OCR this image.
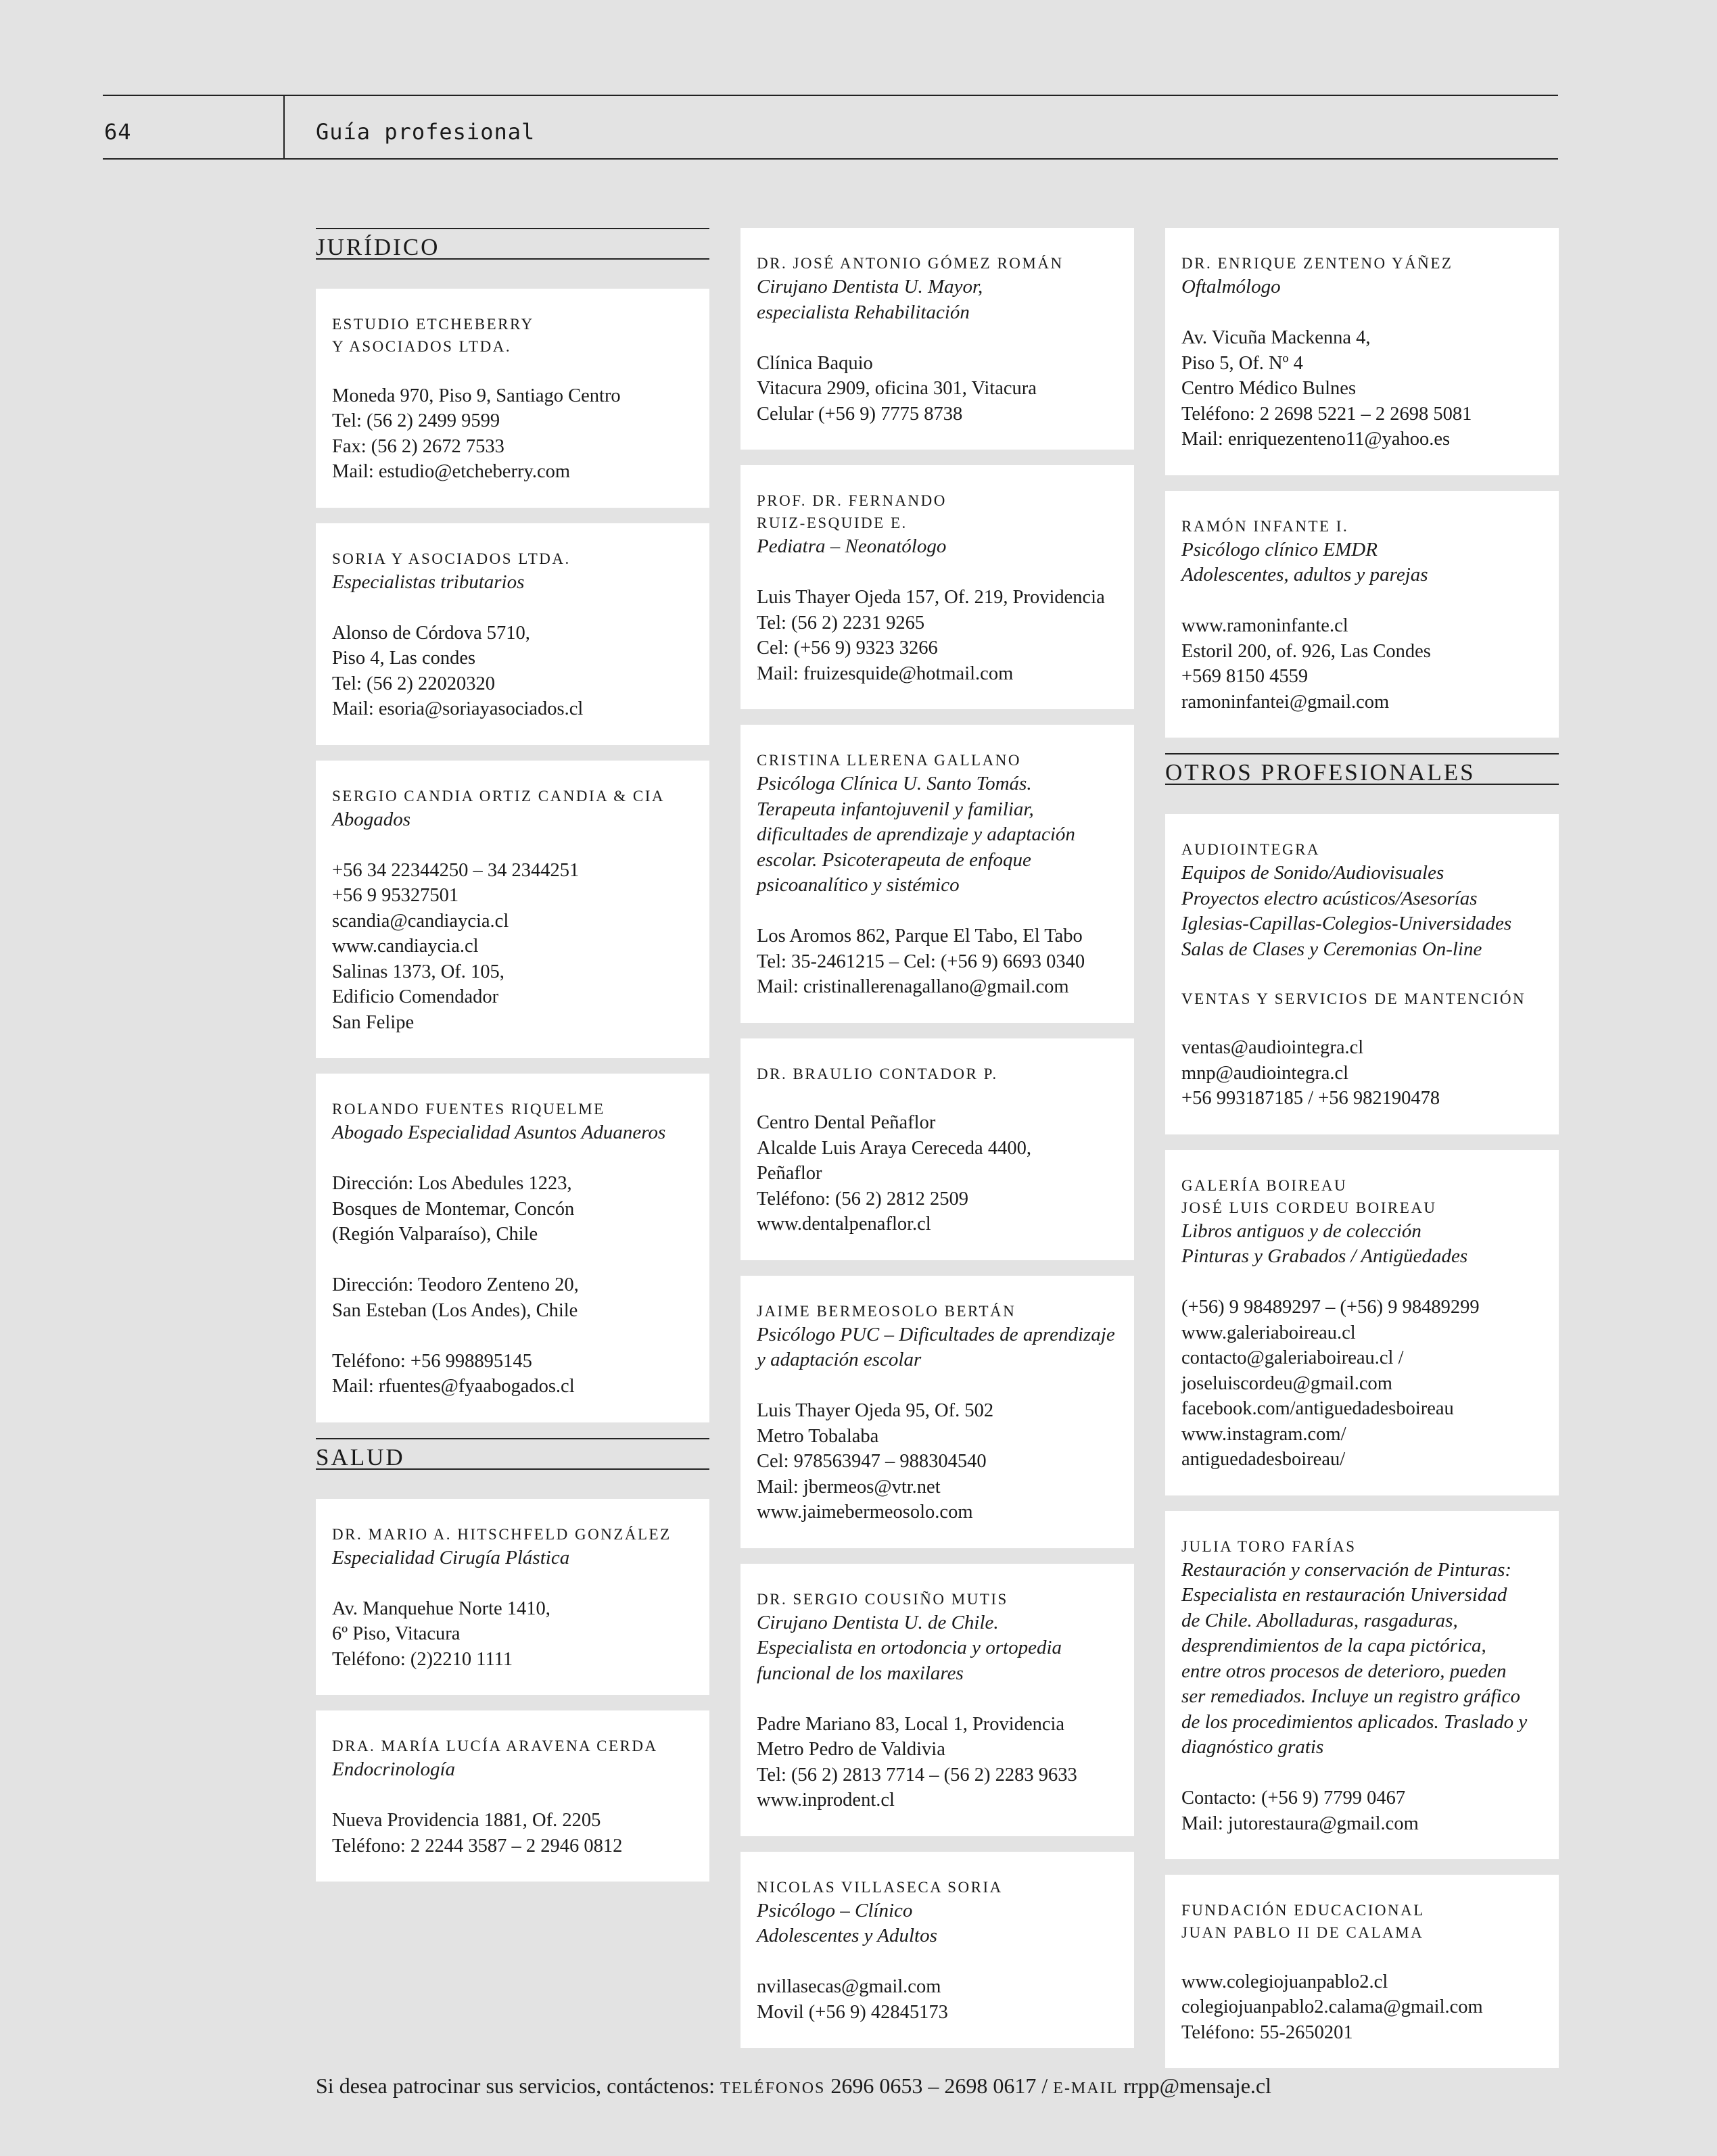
64	Guía profesional
JURÍDICO
ESTUDIO ETCHEBERRY
Y ASOCIADOS LTDA.
Moneda 970, Piso 9, Santiago Centro
Tel: (56 2) 2499 9599
Fax: (56 2) 2672 7533
Mail: estudio@etcheberry.com
SORIA Y ASOCIADOS LTDA.
Especialistas tributarios
Alonso de Córdova 5710,
Piso 4, Las condes
Tel: (56 2) 22020320
Mail: esoria@soriayasociados.cl
SERGIO CANDIA ORTIZ CANDIA & CIA
Abogados
+56 34 22344250 – 34 2344251
+56 9 95327501
scandia@candiaycia.cl
www.candiaycia.cl
Salinas 1373, Of. 105,
Edificio Comendador
San Felipe
ROLANDO FUENTES RIQUELME
Abogado Especialidad Asuntos Aduaneros
Dirección: Los Abedules 1223,
Bosques de Montemar, Concón
(Región Valparaíso), Chile
Dirección: Teodoro Zenteno 20,
San Esteban (Los Andes), Chile
Teléfono: +56 998895145
Mail: rfuentes@fyaabogados.cl
SALUD
DR. MARIO A. HITSCHFELD GONZÁLEZ
Especialidad Cirugía Plástica
Av. Manquehue Norte 1410,
6º Piso, Vitacura
Teléfono: (2)2210 1111
DRA. MARÍA LUCÍA ARAVENA CERDA
Endocrinología
Nueva Providencia 1881, Of. 2205
Teléfono: 2 2244 3587 – 2 2946 0812
DR. JOSÉ ANTONIO GÓMEZ ROMÁN
Cirujano Dentista U. Mayor,
especialista Rehabilitación
Clínica Baquio
Vitacura 2909, oficina 301, Vitacura
Celular (+56 9) 7775 8738
PROF. DR. FERNANDO
RUIZ-ESQUIDE E.
Pediatra – Neonatólogo
Luis Thayer Ojeda 157, Of. 219, Providencia
Tel: (56 2) 2231 9265
Cel: (+56 9) 9323 3266
Mail: fruizesquide@hotmail.com
CRISTINA LLERENA GALLANO
Psicóloga Clínica U. Santo Tomás.
Terapeuta infantojuvenil y familiar,
dificultades de aprendizaje y adaptación
escolar. Psicoterapeuta de enfoque
psicoanalítico y sistémico
Los Aromos 862, Parque El Tabo, El Tabo
Tel: 35-2461215 – Cel: (+56 9) 6693 0340
Mail: cristinallerenagallano@gmail.com
DR. BRAULIO CONTADOR P.
Centro Dental Peñaflor
Alcalde Luis Araya Cereceda 4400,
Peñaflor
Teléfono: (56 2) 2812 2509
www.dentalpenaflor.cl
JAIME BERMEOSOLO BERTÁN
Psicólogo PUC – Dificultades de aprendizaje
y adaptación escolar
Luis Thayer Ojeda 95, Of. 502
Metro Tobalaba
Cel: 978563947 – 988304540
Mail: jbermeos@vtr.net
www.jaimebermeosolo.com
DR. SERGIO COUSIÑO MUTIS
Cirujano Dentista U. de Chile.
Especialista en ortodoncia y ortopedia
funcional de los maxilares
Padre Mariano 83, Local 1, Providencia
Metro Pedro de Valdivia
Tel: (56 2) 2813 7714 – (56 2) 2283 9633
www.inprodent.cl
NICOLAS VILLASECA SORIA
Psicólogo – Clínico
Adolescentes y Adultos
nvillasecas@gmail.com
Movil (+56 9) 42845173
DR. ENRIQUE ZENTENO YÁÑEZ
Oftalmólogo
Av. Vicuña Mackenna 4,
Piso 5, Of. Nº 4
Centro Médico Bulnes
Teléfono: 2 2698 5221 – 2 2698 5081
Mail: enriquezenteno11@yahoo.es
RAMÓN INFANTE I.
Psicólogo clínico EMDR
Adolescentes, adultos y parejas
www.ramoninfante.cl
Estoril 200, of. 926, Las Condes
+569 8150 4559
ramoninfantei@gmail.com
OTROS PROFESIONALES
AUDIOINTEGRA
Equipos de Sonido/Audiovisuales
Proyectos electro acústicos/Asesorías
Iglesias-Capillas-Colegios-Universidades
Salas de Clases y Ceremonias On-line
VENTAS Y SERVICIOS DE MANTENCIÓN
ventas@audiointegra.cl
mnp@audiointegra.cl
+56 993187185 / +56 982190478
GALERÍA BOIREAU
JOSÉ LUIS CORDEU BOIREAU
Libros antiguos y de colección
Pinturas y Grabados / Antigüedades
(+56) 9 98489297 – (+56) 9 98489299
www.galeriaboireau.cl
contacto@galeriaboireau.cl /
joseluiscordeu@gmail.com
facebook.com/antiguedadesboireau
www.instagram.com/
antiguedadesboireau/
JULIA TORO FARÍAS
Restauración y conservación de Pinturas:
Especialista en restauración Universidad
de Chile. Abolladuras, rasgaduras,
desprendimientos de la capa pictórica,
entre otros procesos de deterioro, pueden
ser remediados. Incluye un registro gráfico
de los procedimientos aplicados. Traslado y
diagnóstico gratis
Contacto: (+56 9) 7799 0467
Mail: jutorestaura@gmail.com
FUNDACIÓN EDUCACIONAL
JUAN PABLO II DE CALAMA
www.colegiojuanpablo2.cl
colegiojuanpablo2.calama@gmail.com
Teléfono: 55-2650201
Si desea patrocinar sus servicios, contáctenos: TELÉFONOS 2696 0653 – 2698 0617 / E-MAIL rrpp@mensaje.cl
